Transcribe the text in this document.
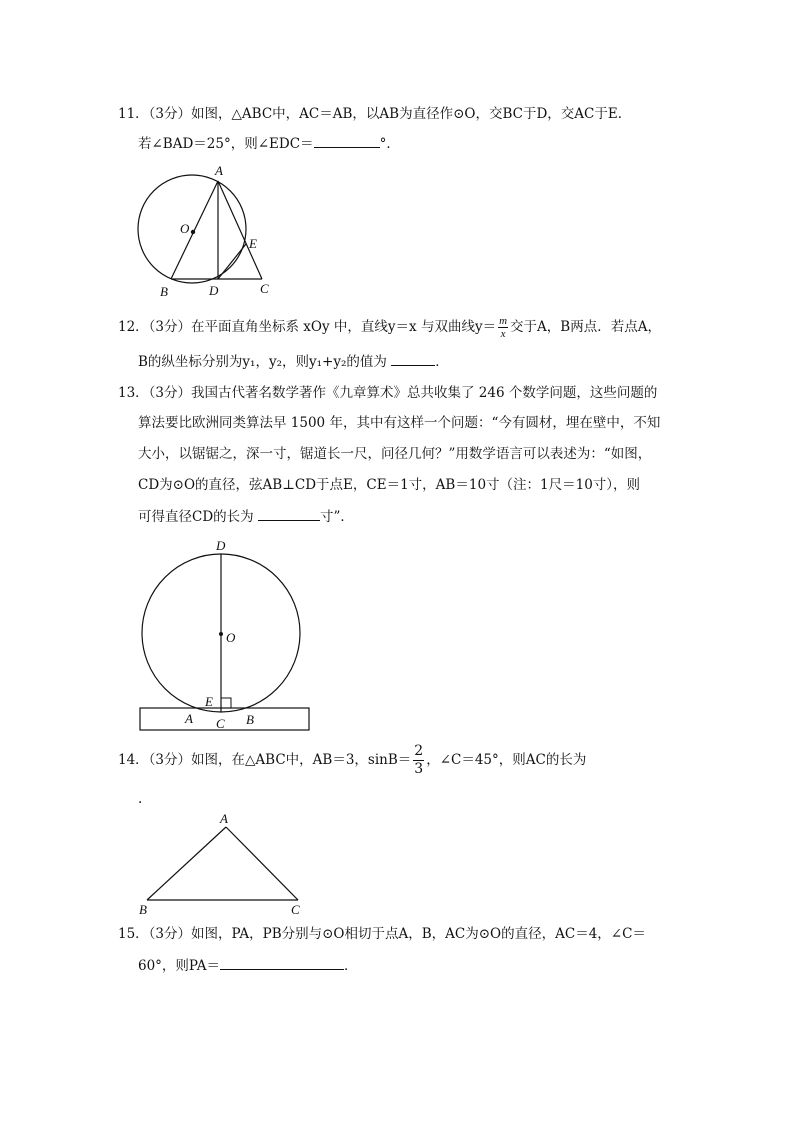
11．（3分）如图，△ABC中，AC＝AB，以AB为直径作⊙O，交BC于D，交AC于E．
若∠BAD＝25°，则∠EDC＝	°．
A
O
E
B	D	C
12．（3分）在平面直角坐标系 xOy 中，直线y＝x 与双曲线$y= \frac{m}{x}$ 交于A，B两点．若点A，
B的纵坐标分别为y₁，y₂，则y₁+y₂的值为	．
13．（3分）我国古代著名数学著作《九章算术》总共收集了 246 个数学问题，这些问题的
算法要比欧洲同类算法早 1500 年，其中有这样一个问题：“今有圆材，埋在壁中，不知
大小，以锯锯之，深一寸，锯道长一尺，问径几何？”用数学语言可以表述为：“如图，
CD为⊙O的直径，弦AB⊥CD于点E，CE＝1寸，AB＝10寸（注：1尺＝10寸），则
可得直径CD的长为	寸”．
D
O
E
A C B
14．（3分）如图，在△ABC中，AB＝3，$\sin B= \frac{2}{3}$ ，∠C＝45°，则AC的长为
.
A
B	C
15．（3分）如图，PA，PB分别与⊙O相切于点A，B，AC为⊙O的直径，AC＝4，∠C＝
60°，则PA＝	．
